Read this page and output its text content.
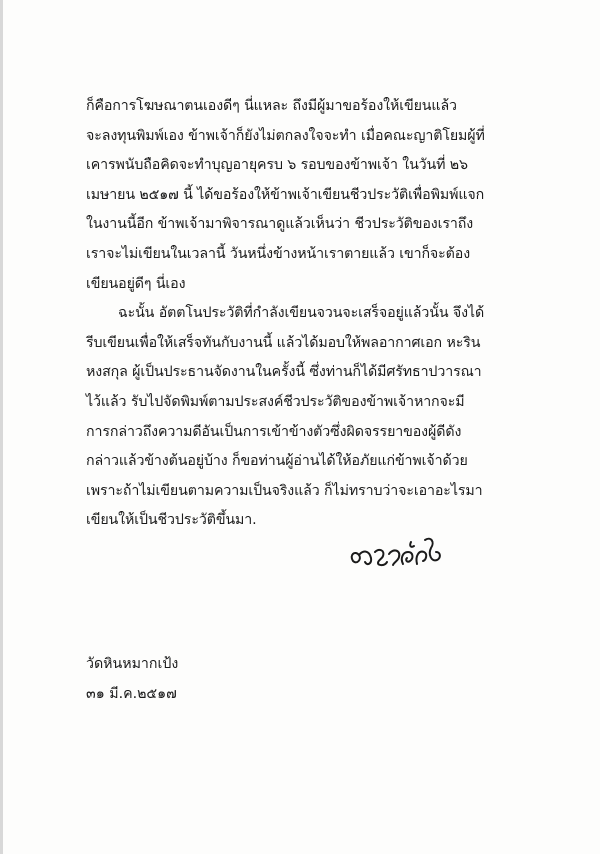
ก็คือการโฆษณาตนเองดีๆ นี่แหละ ถึงมีผู้มาขอร้องให้เขียนแล้ว
จะลงทุนพิมพ์เอง ข้าพเจ้าก็ยังไม่ตกลงใจจะทำ เมื่อคณะญาติโยมผู้ที่
เคารพนับถือคิดจะทำบุญอายุครบ ๖ รอบของข้าพเจ้า ในวันที่ ๒๖
เมษายน ๒๕๑๗ นี้ ได้ขอร้องให้ข้าพเจ้าเขียนชีวประวัติเพื่อพิมพ์แจก
ในงานนี้อีก ข้าพเจ้ามาพิจารณาดูแล้วเห็นว่า ชีวประวัติของเราถึง
เราจะไม่เขียนในเวลานี้ วันหนึ่งข้างหน้าเราตายแล้ว เขาก็จะต้อง
เขียนอยู่ดีๆ นี่เอง
ฉะนั้น อัตตโนประวัติที่กำลังเขียนจวนจะเสร็จอยู่แล้วนั้น จึงได้
รีบเขียนเพื่อให้เสร็จทันกับงานนี้ แล้วได้มอบให้พลอากาศเอก หะริน
หงสกุล ผู้เป็นประธานจัดงานในครั้งนี้ ซึ่งท่านก็ได้มีศรัทธาปวารณา
ไว้แล้ว รับไปจัดพิมพ์ตามประสงค์ชีวประวัติของข้าพเจ้าหากจะมี
การกล่าวถึงความดีอันเป็นการเข้าข้างตัวซึ่งผิดจรรยาของผู้ดีดัง
กล่าวแล้วข้างต้นอยู่บ้าง ก็ขอท่านผู้อ่านได้ให้อภัยแก่ข้าพเจ้าด้วย
เพราะถ้าไม่เขียนตามความเป็นจริงแล้ว ก็ไม่ทราบว่าจะเอาอะไรมา
เขียนให้เป็นชีวประวัติขึ้นมา.
วัดหินหมากเป้ง
๓๑ มี.ค.๒๕๑๗
